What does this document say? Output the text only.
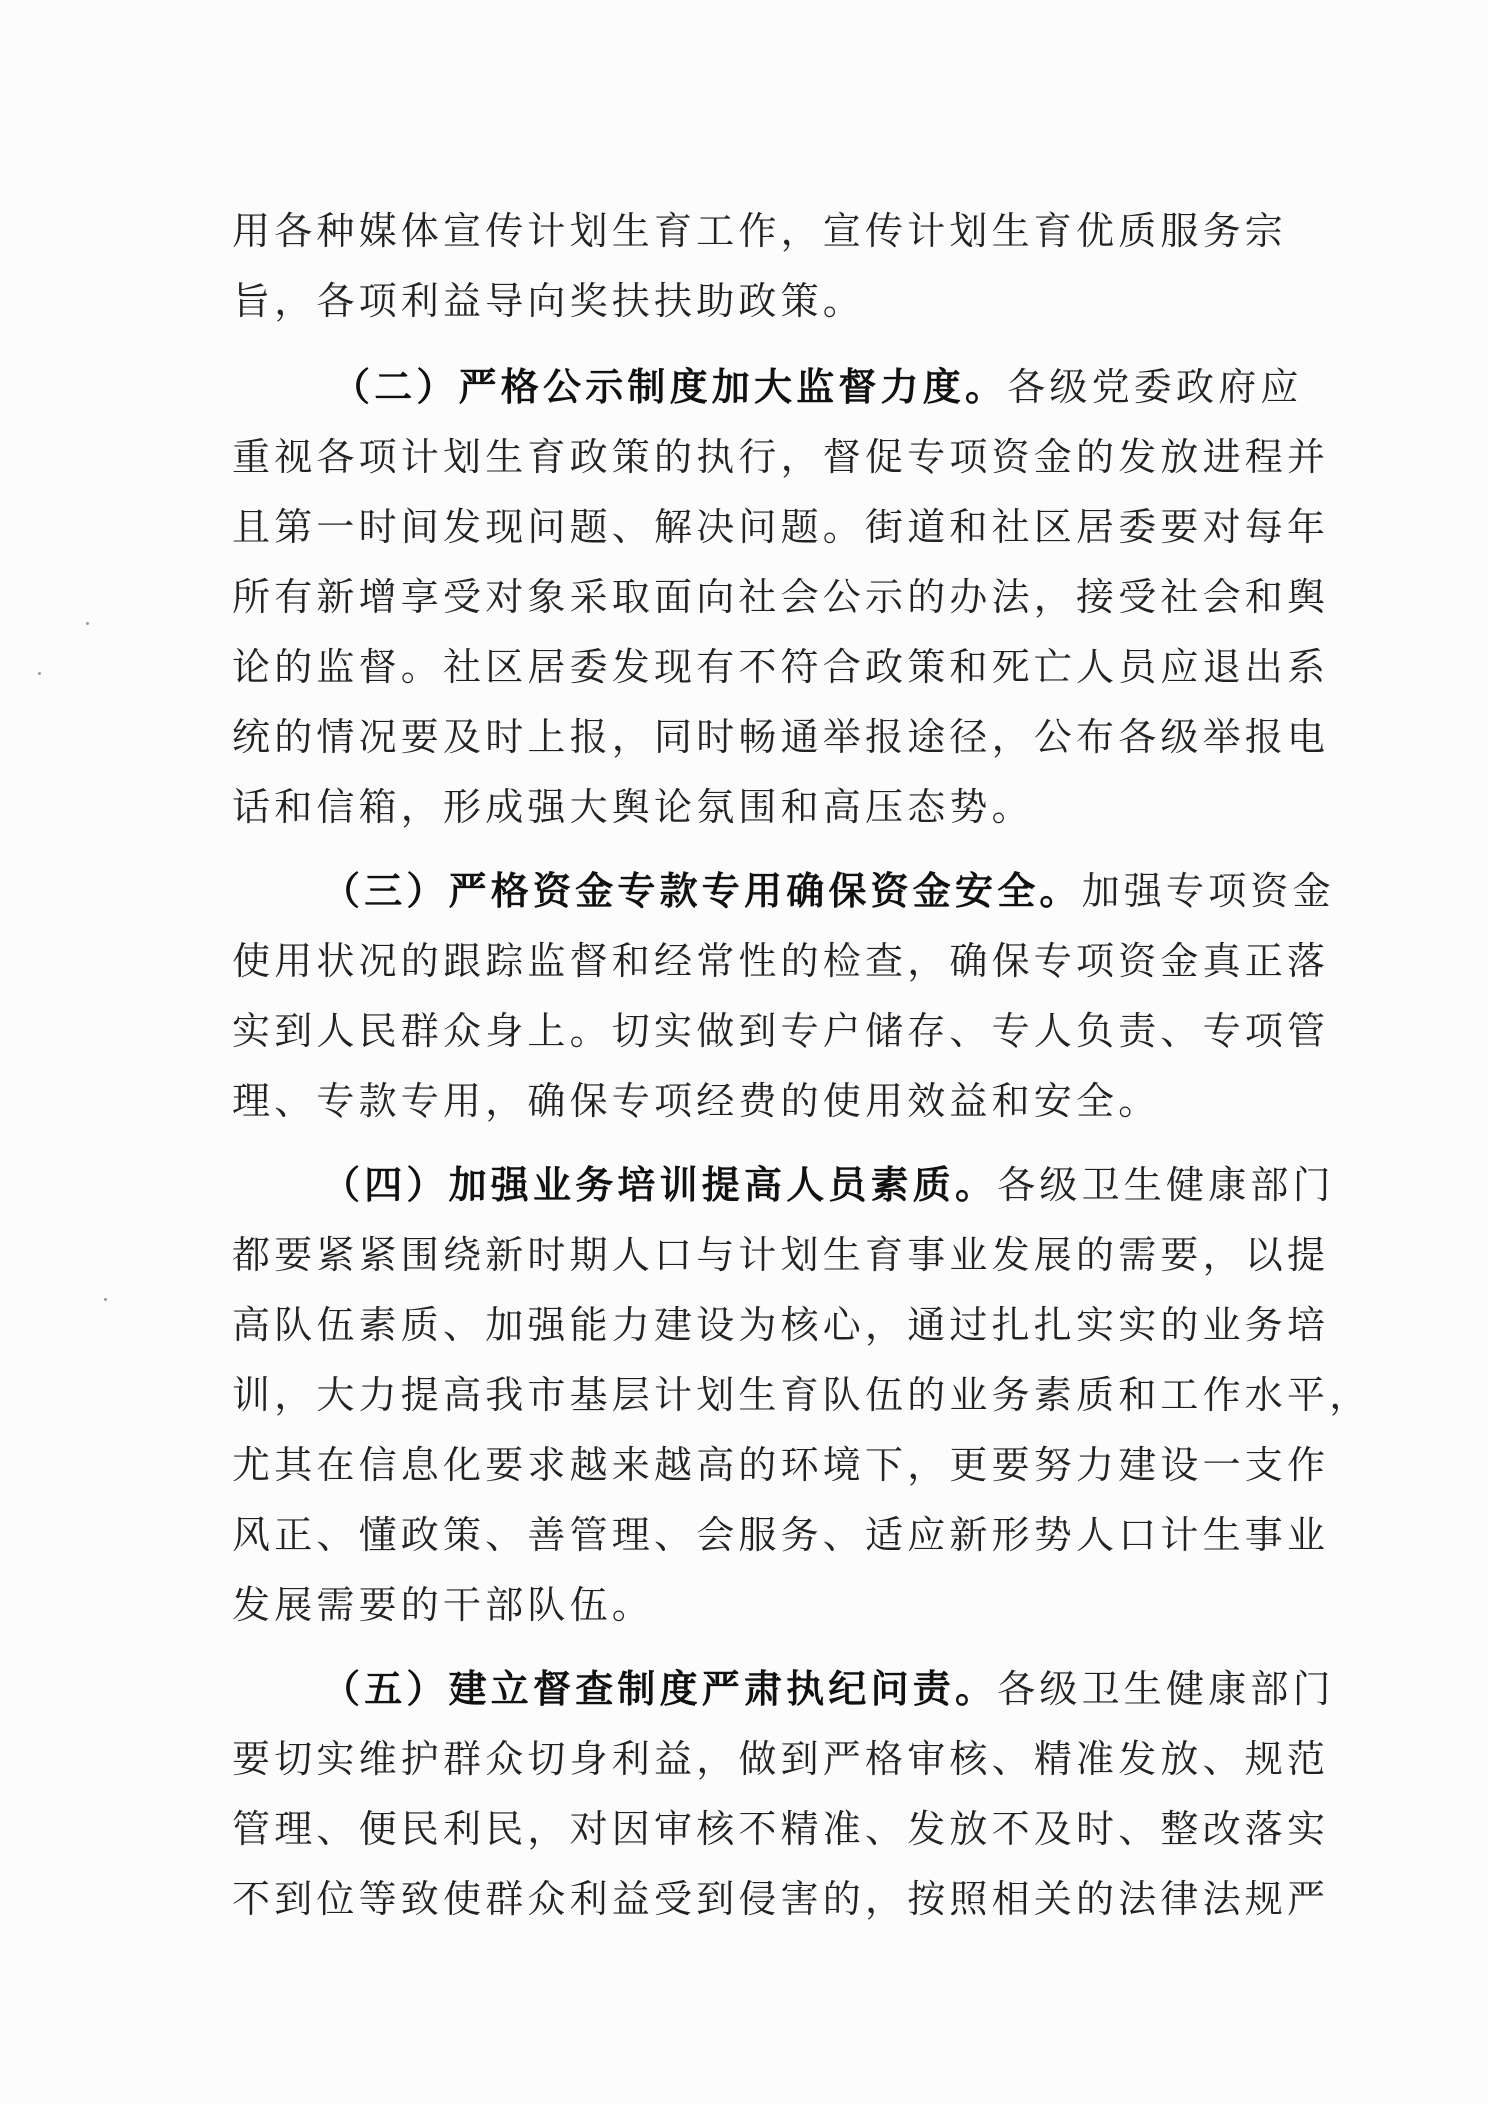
用各种媒体宣传计划生育工作，宣传计划生育优质服务宗
旨，各项利益导向奖扶扶助政策。
（二）严格公示制度加大监督力度。各级党委政府应
重视各项计划生育政策的执行，督促专项资金的发放进程并
且第一时间发现问题、解决问题。街道和社区居委要对每年
所有新增享受对象采取面向社会公示的办法，接受社会和舆
论的监督。社区居委发现有不符合政策和死亡人员应退出系
统的情况要及时上报，同时畅通举报途径，公布各级举报电
话和信箱，形成强大舆论氛围和高压态势。
（三）严格资金专款专用确保资金安全。加强专项资金
使用状况的跟踪监督和经常性的检查，确保专项资金真正落
实到人民群众身上。切实做到专户储存、专人负责、专项管
理、专款专用，确保专项经费的使用效益和安全。
（四）加强业务培训提高人员素质。各级卫生健康部门
都要紧紧围绕新时期人口与计划生育事业发展的需要，以提
高队伍素质、加强能力建设为核心，通过扎扎实实的业务培
训，大力提高我市基层计划生育队伍的业务素质和工作水平，
尤其在信息化要求越来越高的环境下，更要努力建设一支作
风正、懂政策、善管理、会服务、适应新形势人口计生事业
发展需要的干部队伍。
（五）建立督查制度严肃执纪问责。各级卫生健康部门
要切实维护群众切身利益，做到严格审核、精准发放、规范
管理、便民利民，对因审核不精准、发放不及时、整改落实
不到位等致使群众利益受到侵害的，按照相关的法律法规严
